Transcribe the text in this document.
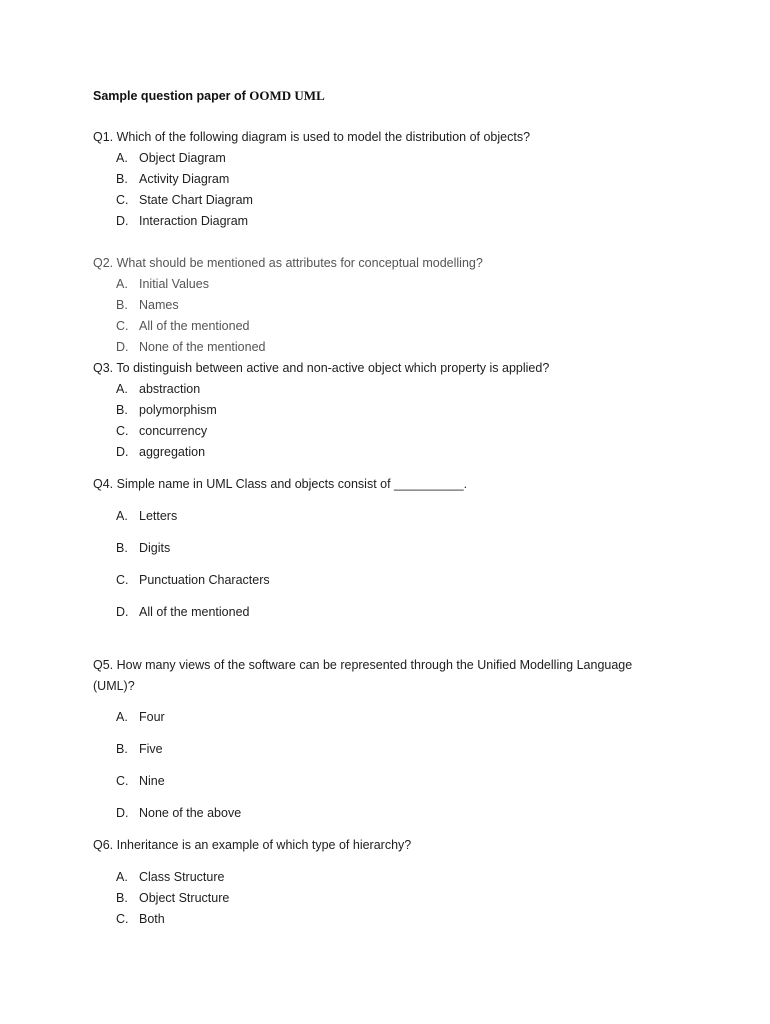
Sample question paper of OOMD UML
Q1. Which of the following diagram is used to model the distribution of objects?
A. Object Diagram
B. Activity Diagram
C. State Chart Diagram
D. Interaction Diagram
Q2. What should be mentioned as attributes for conceptual modelling?
A. Initial Values
B. Names
C. All of the mentioned
D. None of the mentioned
Q3. To distinguish between active and non-active object which property is applied?
A. abstraction
B. polymorphism
C. concurrency
D. aggregation
Q4. Simple name in UML Class and objects consist of __________.
A. Letters
B. Digits
C. Punctuation Characters
D. All of the mentioned
Q5. How many views of the software can be represented through the Unified Modelling Language
(UML)?
A. Four
B. Five
C. Nine
D. None of the above
Q6. Inheritance is an example of which type of hierarchy?
A. Class Structure
B. Object Structure
C. Both
